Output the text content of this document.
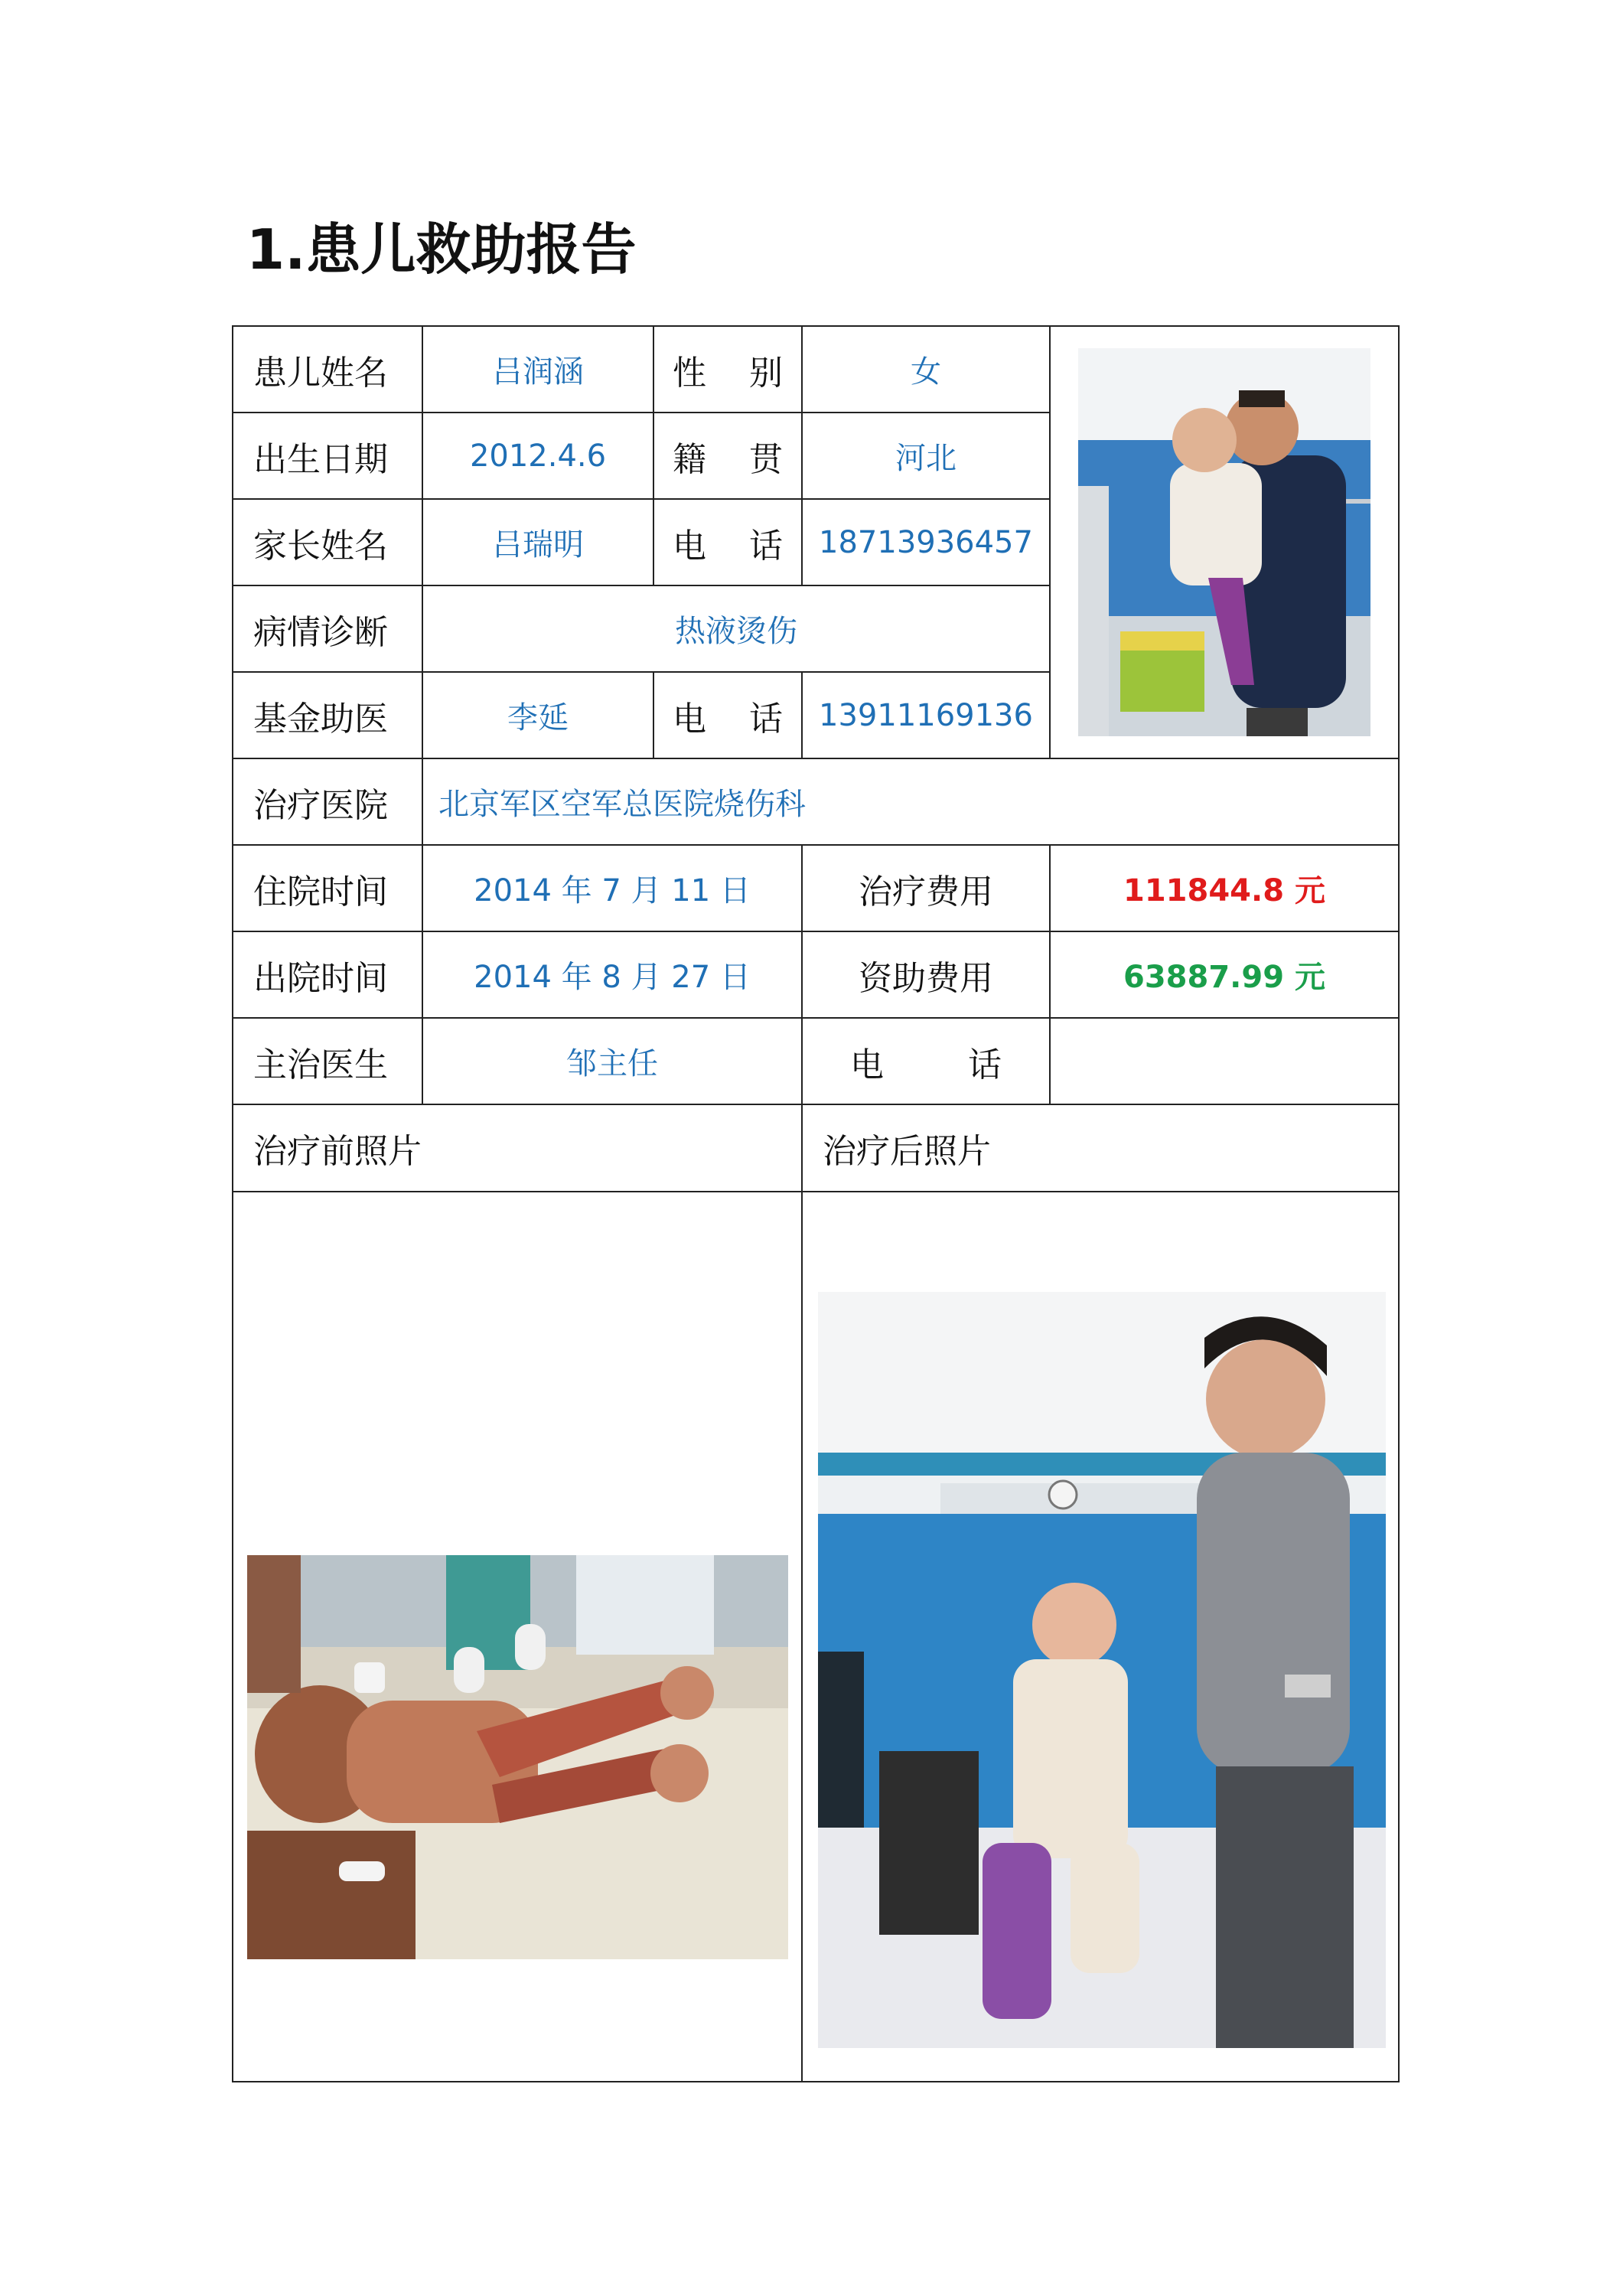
1.患儿救助报告
患儿姓名	吕润涵	性 别	女	

出生日期	2012.4.6	籍 贯	河北	
家长姓名	吕瑞明	电 话	18713936457	
病情诊断	热液烫伤			
基金助医	李延	电 话	13911169136	
治疗医院	北京军区空军总医院烧伤科			
住院时间	2014 年 7 月 11 日		治疗费用	111844.8 元
出院时间	2014 年 8 月 27 日		资助费用	63887.99 元
主治医生	邹主任		电 话	
治疗前照片			治疗后照片	
